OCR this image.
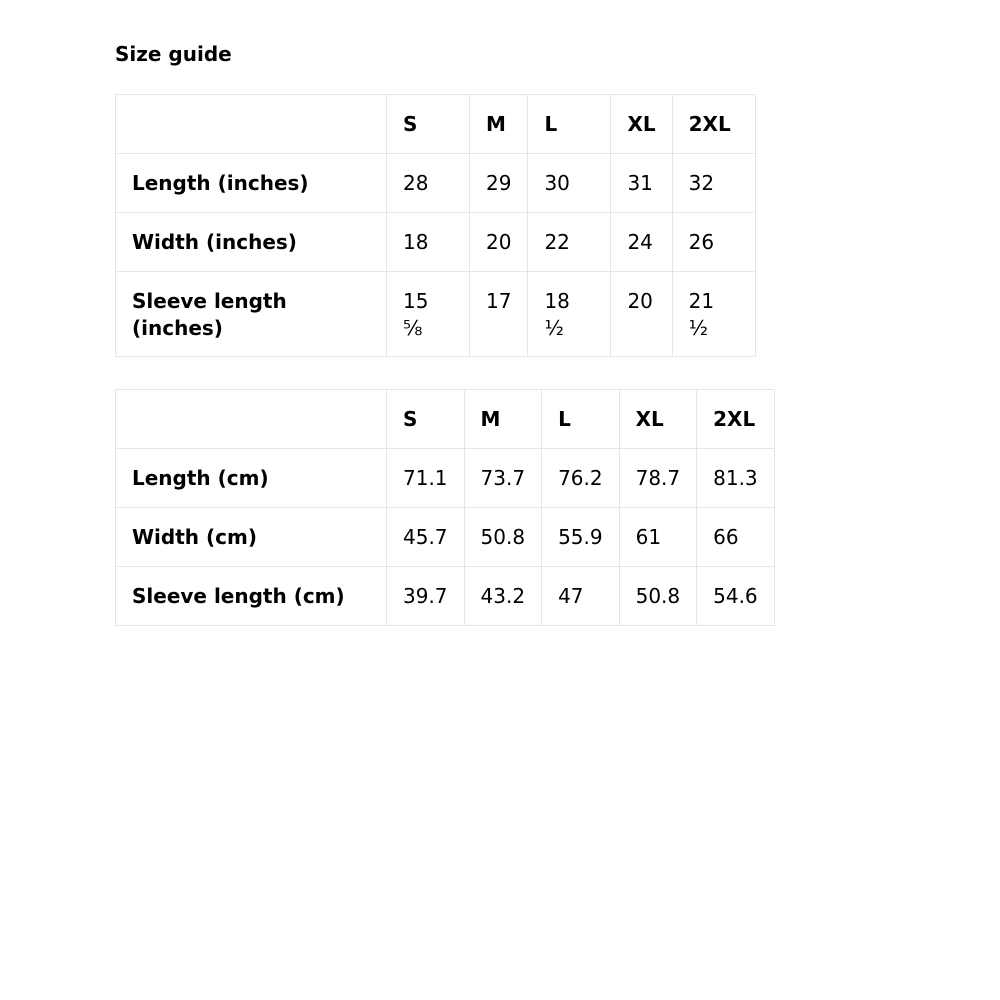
Size guide
	S	M	L	XL	2XL
Length (inches)	28	29	30	31	32
Width (inches)	18	20	22	24	26
Sleeve length (inches)	15 ⅝	17	18 ½	20	21 ½
	S	M	L	XL	2XL
Length (cm)	71.1	73.7	76.2	78.7	81.3
Width (cm)	45.7	50.8	55.9	61	66
Sleeve length (cm)	39.7	43.2	47	50.8	54.6
